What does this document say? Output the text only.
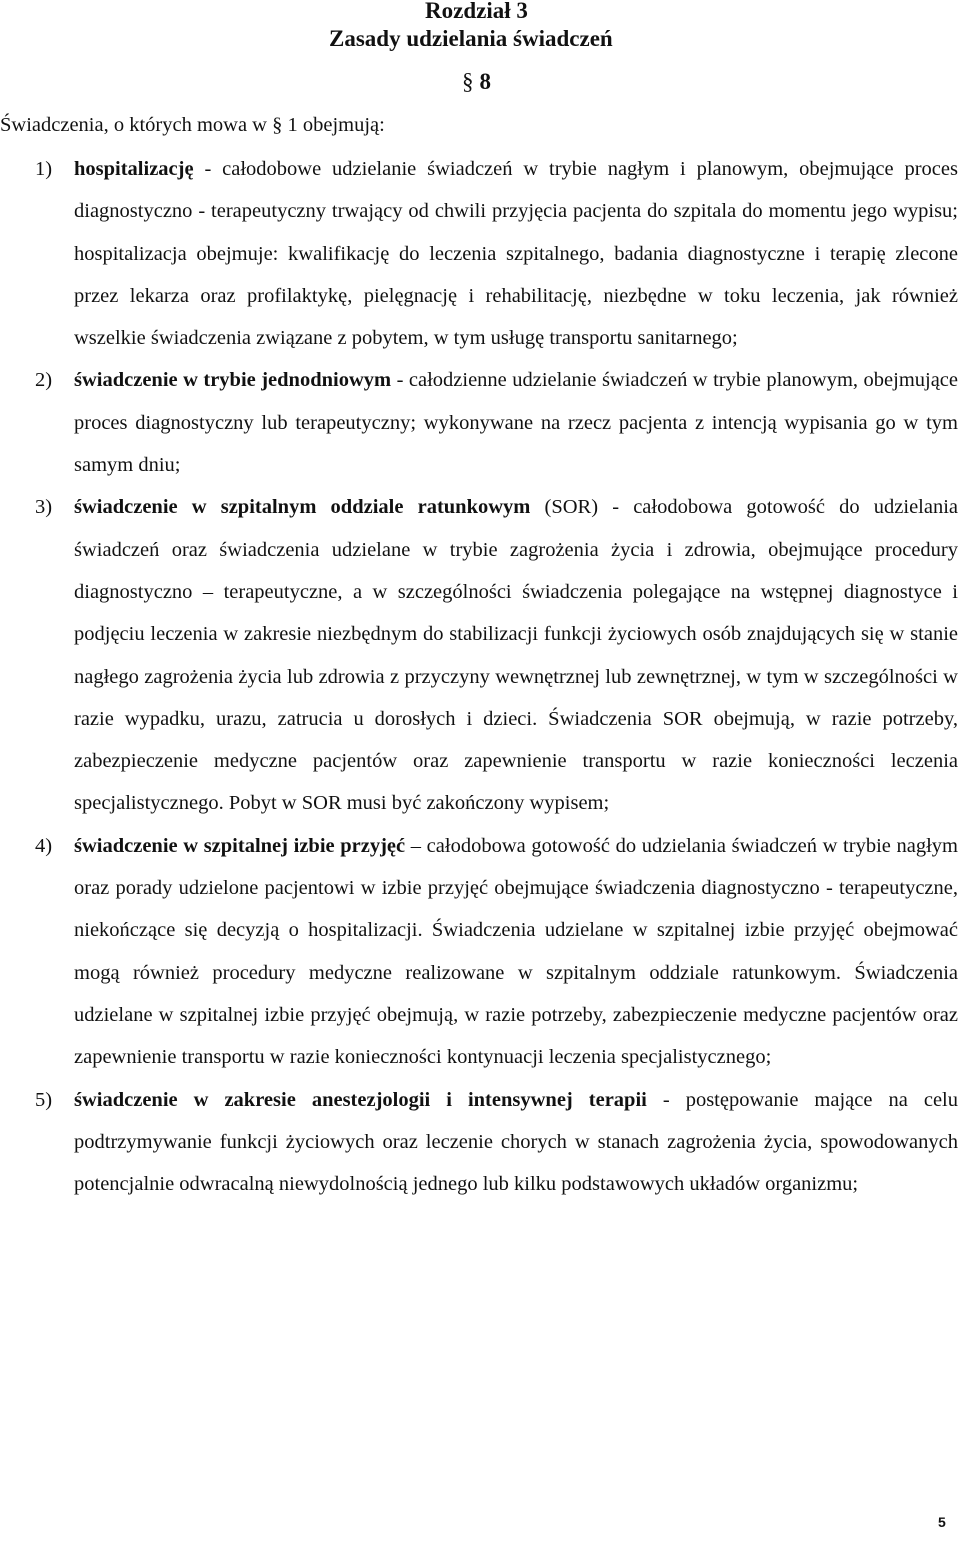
Rozdział 3
Zasady udzielania świadczeń
§ 8
Świadczenia, o których mowa w § 1 obejmują:
1)	hospitalizację - całodobowe udzielanie świadczeń w trybie nagłym i planowym, obejmujące proces diagnostyczno - terapeutyczny trwający od chwili przyjęcia pacjenta do szpitala do momentu jego wypisu; hospitalizacja obejmuje: kwalifikację do leczenia szpitalnego, badania diagnostyczne i terapię zlecone przez lekarza oraz profilaktykę, pielęgnację i rehabilitację, niezbędne w toku leczenia, jak również wszelkie świadczenia związane z pobytem, w tym usługę transportu sanitarnego;
2)	świadczenie w trybie jednodniowym - całodzienne udzielanie świadczeń w trybie planowym, obejmujące proces diagnostyczny lub terapeutyczny; wykonywane na rzecz pacjenta z intencją wypisania go w tym samym dniu;
3)	świadczenie w szpitalnym oddziale ratunkowym (SOR) - całodobowa gotowość do udzielania świadczeń oraz świadczenia udzielane w trybie zagrożenia życia i zdrowia, obejmujące procedury diagnostyczno – terapeutyczne, a w szczególności świadczenia polegające na wstępnej diagnostyce i podjęciu leczenia w zakresie niezbędnym do stabilizacji funkcji życiowych osób znajdujących się w stanie nagłego zagrożenia życia lub zdrowia z przyczyny wewnętrznej lub zewnętrznej, w tym w szczególności w razie wypadku, urazu, zatrucia u dorosłych i dzieci. Świadczenia SOR obejmują, w razie potrzeby, zabezpieczenie medyczne pacjentów oraz zapewnienie transportu w razie konieczności leczenia specjalistycznego. Pobyt w SOR musi być zakończony wypisem;
4)	świadczenie w szpitalnej izbie przyjęć – całodobowa gotowość do udzielania świadczeń w trybie nagłym oraz porady udzielone pacjentowi w izbie przyjęć obejmujące świadczenia diagnostyczno - terapeutyczne, niekończące się decyzją o hospitalizacji. Świadczenia udzielane w szpitalnej izbie przyjęć obejmować mogą również procedury medyczne realizowane w szpitalnym oddziale ratunkowym. Świadczenia udzielane w szpitalnej izbie przyjęć obejmują, w razie potrzeby, zabezpieczenie medyczne pacjentów oraz zapewnienie transportu w razie konieczności kontynuacji leczenia specjalistycznego;
5)	świadczenie w zakresie anestezjologii i intensywnej terapii - postępowanie mające na celu podtrzymywanie funkcji życiowych oraz leczenie chorych w stanach zagrożenia życia, spowodowanych potencjalnie odwracalną niewydolnością jednego lub kilku podstawowych układów organizmu;
5
